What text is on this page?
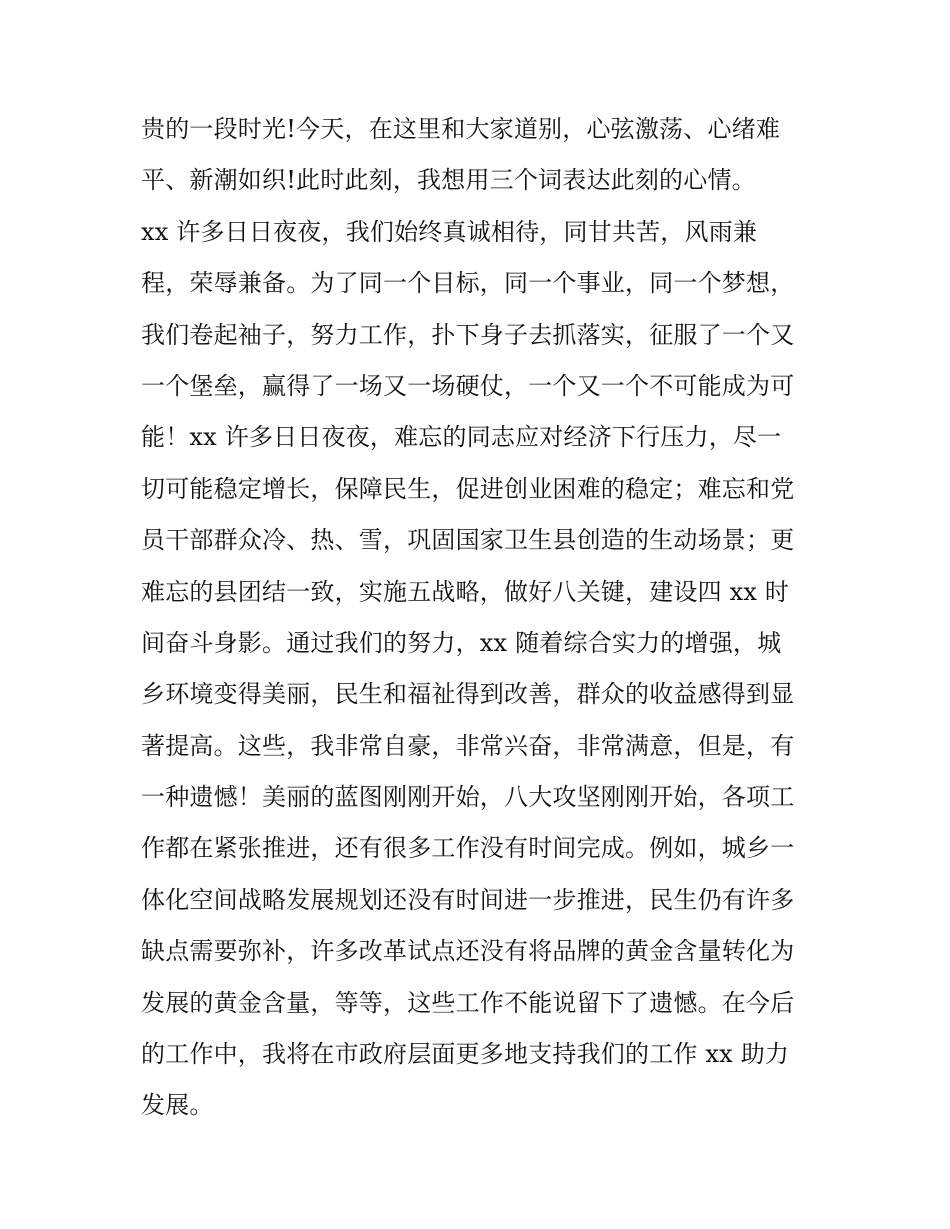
贵的一段时光!今天，在这里和大家道别，心弦激荡、心绪难
平、新潮如织!此时此刻，我想用三个词表达此刻的心情。
xx 许多日日夜夜，我们始终真诚相待，同甘共苦，风雨兼
程，荣辱兼备。为了同一个目标，同一个事业，同一个梦想，
我们卷起袖子，努力工作，扑下身子去抓落实，征服了一个又
一个堡垒，赢得了一场又一场硬仗，一个又一个不可能成为可
能！xx 许多日日夜夜，难忘的同志应对经济下行压力，尽一
切可能稳定增长，保障民生，促进创业困难的稳定；难忘和党
员干部群众冷、热、雪，巩固国家卫生县创造的生动场景；更
难忘的县团结一致，实施五战略，做好八关键，建设四 xx 时
间奋斗身影。通过我们的努力，xx 随着综合实力的增强，城
乡环境变得美丽，民生和福祉得到改善，群众的收益感得到显
著提高。这些，我非常自豪，非常兴奋，非常满意，但是，有
一种遗憾！美丽的蓝图刚刚开始，八大攻坚刚刚开始，各项工
作都在紧张推进，还有很多工作没有时间完成。例如，城乡一
体化空间战略发展规划还没有时间进一步推进，民生仍有许多
缺点需要弥补，许多改革试点还没有将品牌的黄金含量转化为
发展的黄金含量，等等，这些工作不能说留下了遗憾。在今后
的工作中，我将在市政府层面更多地支持我们的工作 xx 助力
发展。
